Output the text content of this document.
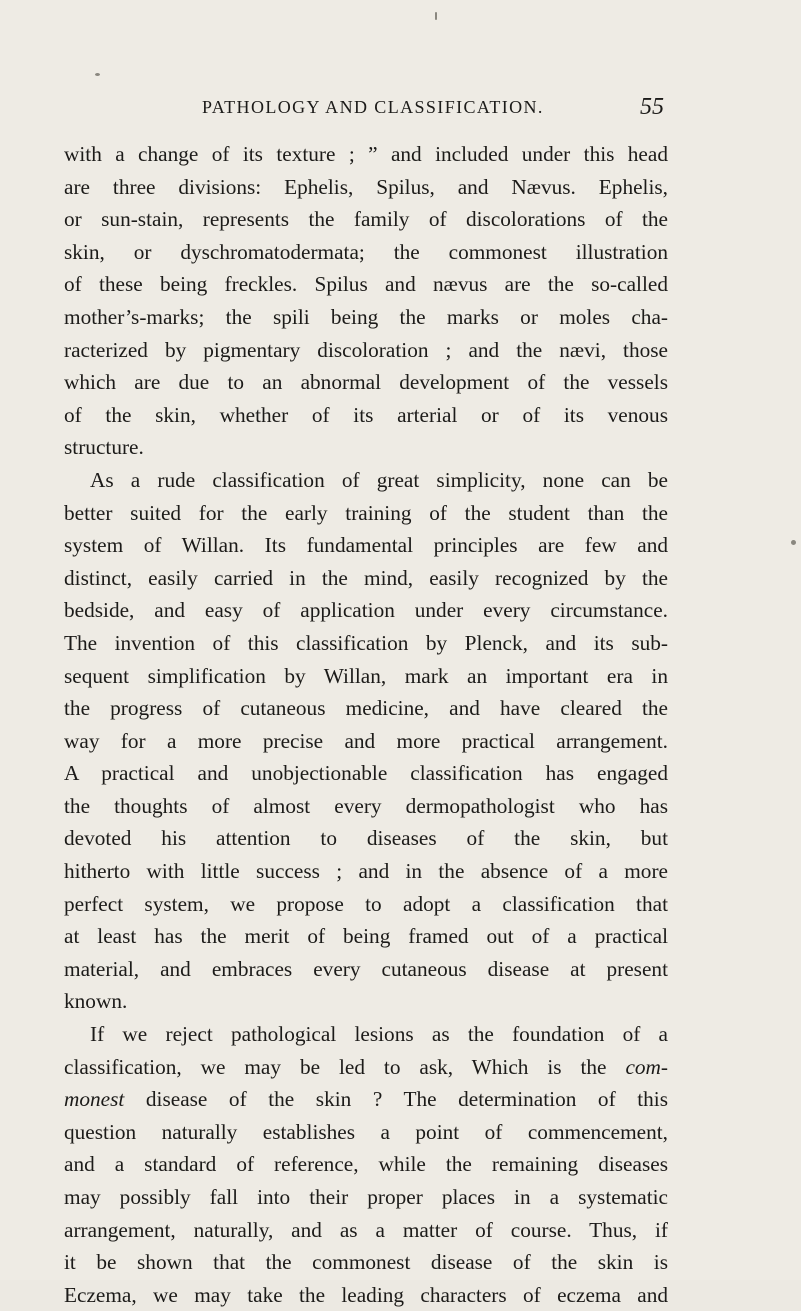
PATHOLOGY AND CLASSIFICATION.	55
with a change of its texture ; ” and included under this head
are three divisions: Ephelis, Spilus, and Nævus. Ephelis,
or sun-stain, represents the family of discolorations of the
skin, or dyschromatodermata; the commonest illustration
of these being freckles. Spilus and nævus are the so-called
mother’s-marks; the spili being the marks or moles cha-
racterized by pigmentary discoloration ; and the nævi, those
which are due to an abnormal development of the vessels
of the skin, whether of its arterial or of its venous
structure.
As a rude classification of great simplicity, none can be
better suited for the early training of the student than the
system of Willan. Its fundamental principles are few and
distinct, easily carried in the mind, easily recognized by the
bedside, and easy of application under every circumstance.
The invention of this classification by Plenck, and its sub-
sequent simplification by Willan, mark an important era in
the progress of cutaneous medicine, and have cleared the
way for a more precise and more practical arrangement.
A practical and unobjectionable classification has engaged
the thoughts of almost every dermopathologist who has
devoted his attention to diseases of the skin, but
hitherto with little success ; and in the absence of a more
perfect system, we propose to adopt a classification that
at least has the merit of being framed out of a practical
material, and embraces every cutaneous disease at present
known.
If we reject pathological lesions as the foundation of a
classification, we may be led to ask, Which is the com-
monest disease of the skin ? The determination of this
question naturally establishes a point of commencement,
and a standard of reference, while the remaining diseases
may possibly fall into their proper places in a systematic
arrangement, naturally, and as a matter of course. Thus, if
it be shown that the commonest disease of the skin is
Eczema, we may take the leading characters of eczema and
